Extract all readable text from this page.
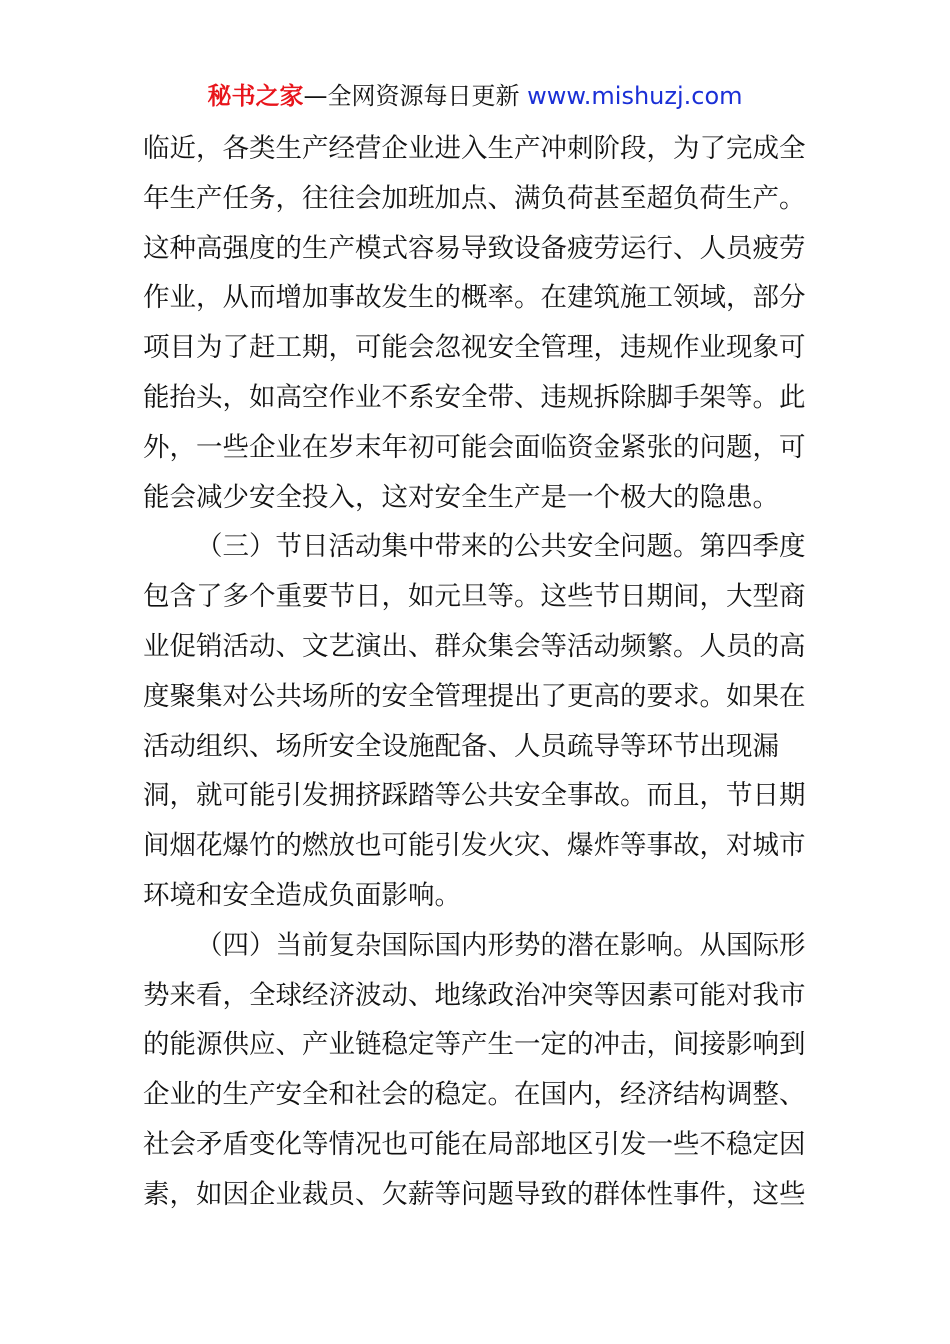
秘书之家—全网资源每日更新 www.mishuzj.com
临近，各类生产经营企业进入生产冲刺阶段，为了完成全
年生产任务，往往会加班加点、满负荷甚至超负荷生产。
这种高强度的生产模式容易导致设备疲劳运行、人员疲劳
作业，从而增加事故发生的概率。在建筑施工领域，部分
项目为了赶工期，可能会忽视安全管理，违规作业现象可
能抬头，如高空作业不系安全带、违规拆除脚手架等。此
外，一些企业在岁末年初可能会面临资金紧张的问题，可
能会减少安全投入，这对安全生产是一个极大的隐患。
（三）节日活动集中带来的公共安全问题。第四季度
包含了多个重要节日，如元旦等。这些节日期间，大型商
业促销活动、文艺演出、群众集会等活动频繁。人员的高
度聚集对公共场所的安全管理提出了更高的要求。如果在
活动组织、场所安全设施配备、人员疏导等环节出现漏
洞，就可能引发拥挤踩踏等公共安全事故。而且，节日期
间烟花爆竹的燃放也可能引发火灾、爆炸等事故，对城市
环境和安全造成负面影响。
（四）当前复杂国际国内形势的潜在影响。从国际形
势来看，全球经济波动、地缘政治冲突等因素可能对我市
的能源供应、产业链稳定等产生一定的冲击，间接影响到
企业的生产安全和社会的稳定。在国内，经济结构调整、
社会矛盾变化等情况也可能在局部地区引发一些不稳定因
素，如因企业裁员、欠薪等问题导致的群体性事件，这些
